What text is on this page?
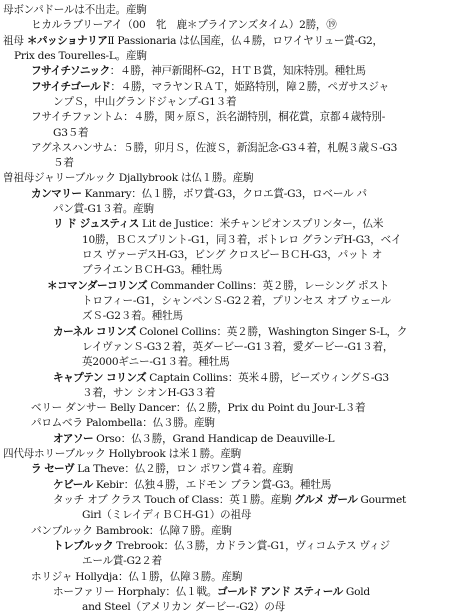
母ボンパドールは不出走。産駒
ヒカルラブリーアイ（00　牝　鹿＊ブライアンズタイム）2勝，⑲
祖母 ＊パッショナリアⅡ Passionaria は仏国産，仏４勝，ロワイヤリュー賞-G2，
Prix des Tourelles-L。産駒
フサイチソニック：４勝，神戸新聞杯-G2，ＨＴＢ賞，知床特別。種牡馬
フサイチゴールド：４勝，マラヤンＲＡＴ，姫路特別，障２勝，ペガサスジャ
ンプＳ，中山グランドジャンプ-G1３着
フサイチファントム：４勝，関ヶ原Ｓ，浜名湖特別，桐花賞，京都４歳特別-
G3５着
アグネスハンサム：５勝，卯月Ｓ，佐渡Ｓ，新潟記念-G3４着，札幌３歳Ｓ-G3
５着
曽祖母ジャリーブルック Djallybrook は仏１勝。産駒
カンマリー Kanmary：仏１勝，ボワ賞-G3，クロエ賞-G3，ロベール パ
パン賞-G1３着。産駒
リ ド ジュスティス Lit de Justice：米チャンピオンスプリンター，仏米
10勝，ＢＣスプリント-G1，同３着，ボトレロ グランデH-G3，ベイ
ロス ヴァーデスH-G3，ビング クロスビーＢＣH-G3，パット オ
ブライエンＢＣH-G3。種牡馬
＊コマンダーコリンズ Commander Collins：英２勝，レーシング ポスト
トロフィー-G1，シャンペンＳ-G2２着，プリンセス オブ ウェール
ズＳ-G2３着。種牡馬
カーネル コリンズ Colonel Collins：英２勝，Washington Singer S-L，ク
レイヴァンＳ-G3２着，英ダービー-G1３着，愛ダービー-G1３着，
英2000ギニー-G1３着。種牡馬
キャプテン コリンズ Captain Collins：英米４勝，ビーズウィングＳ-G3
３着，サン シオンH-G3３着
ベリー ダンサー Belly Dancer：仏２勝，Prix du Point du Jour-L３着
パロムベラ Palombella：仏３勝。産駒
オアソー Orso：仏３勝，Grand Handicap de Deauville-L
四代母ホリーブルック Hollybrook は米１勝。産駒
ラ セーヴ La Theve：仏２勝，ロン ポワン賞４着。産駒
ケビール Kebir：仏独４勝，エドモン ブラン賞-G3。種牡馬
タッチ オブ クラス Touch of Class：英１勝。産駒 グルメ ガール Gourmet
Girl（ミレイディＢＣH-G1）の祖母
バンブルック Bambrook：仏障７勝。産駒
トレブルック Trebrook：仏３勝，カドラン賞-G1，ヴィコムテス ヴィジ
エール賞-G2２着
ホリジャ Hollydja：仏１勝，仏障３勝。産駒
ホーファリー Horphaly：仏１戦。ゴールド アンド スティール Gold
and Steel（アメリカン ダービー-G2）の母
